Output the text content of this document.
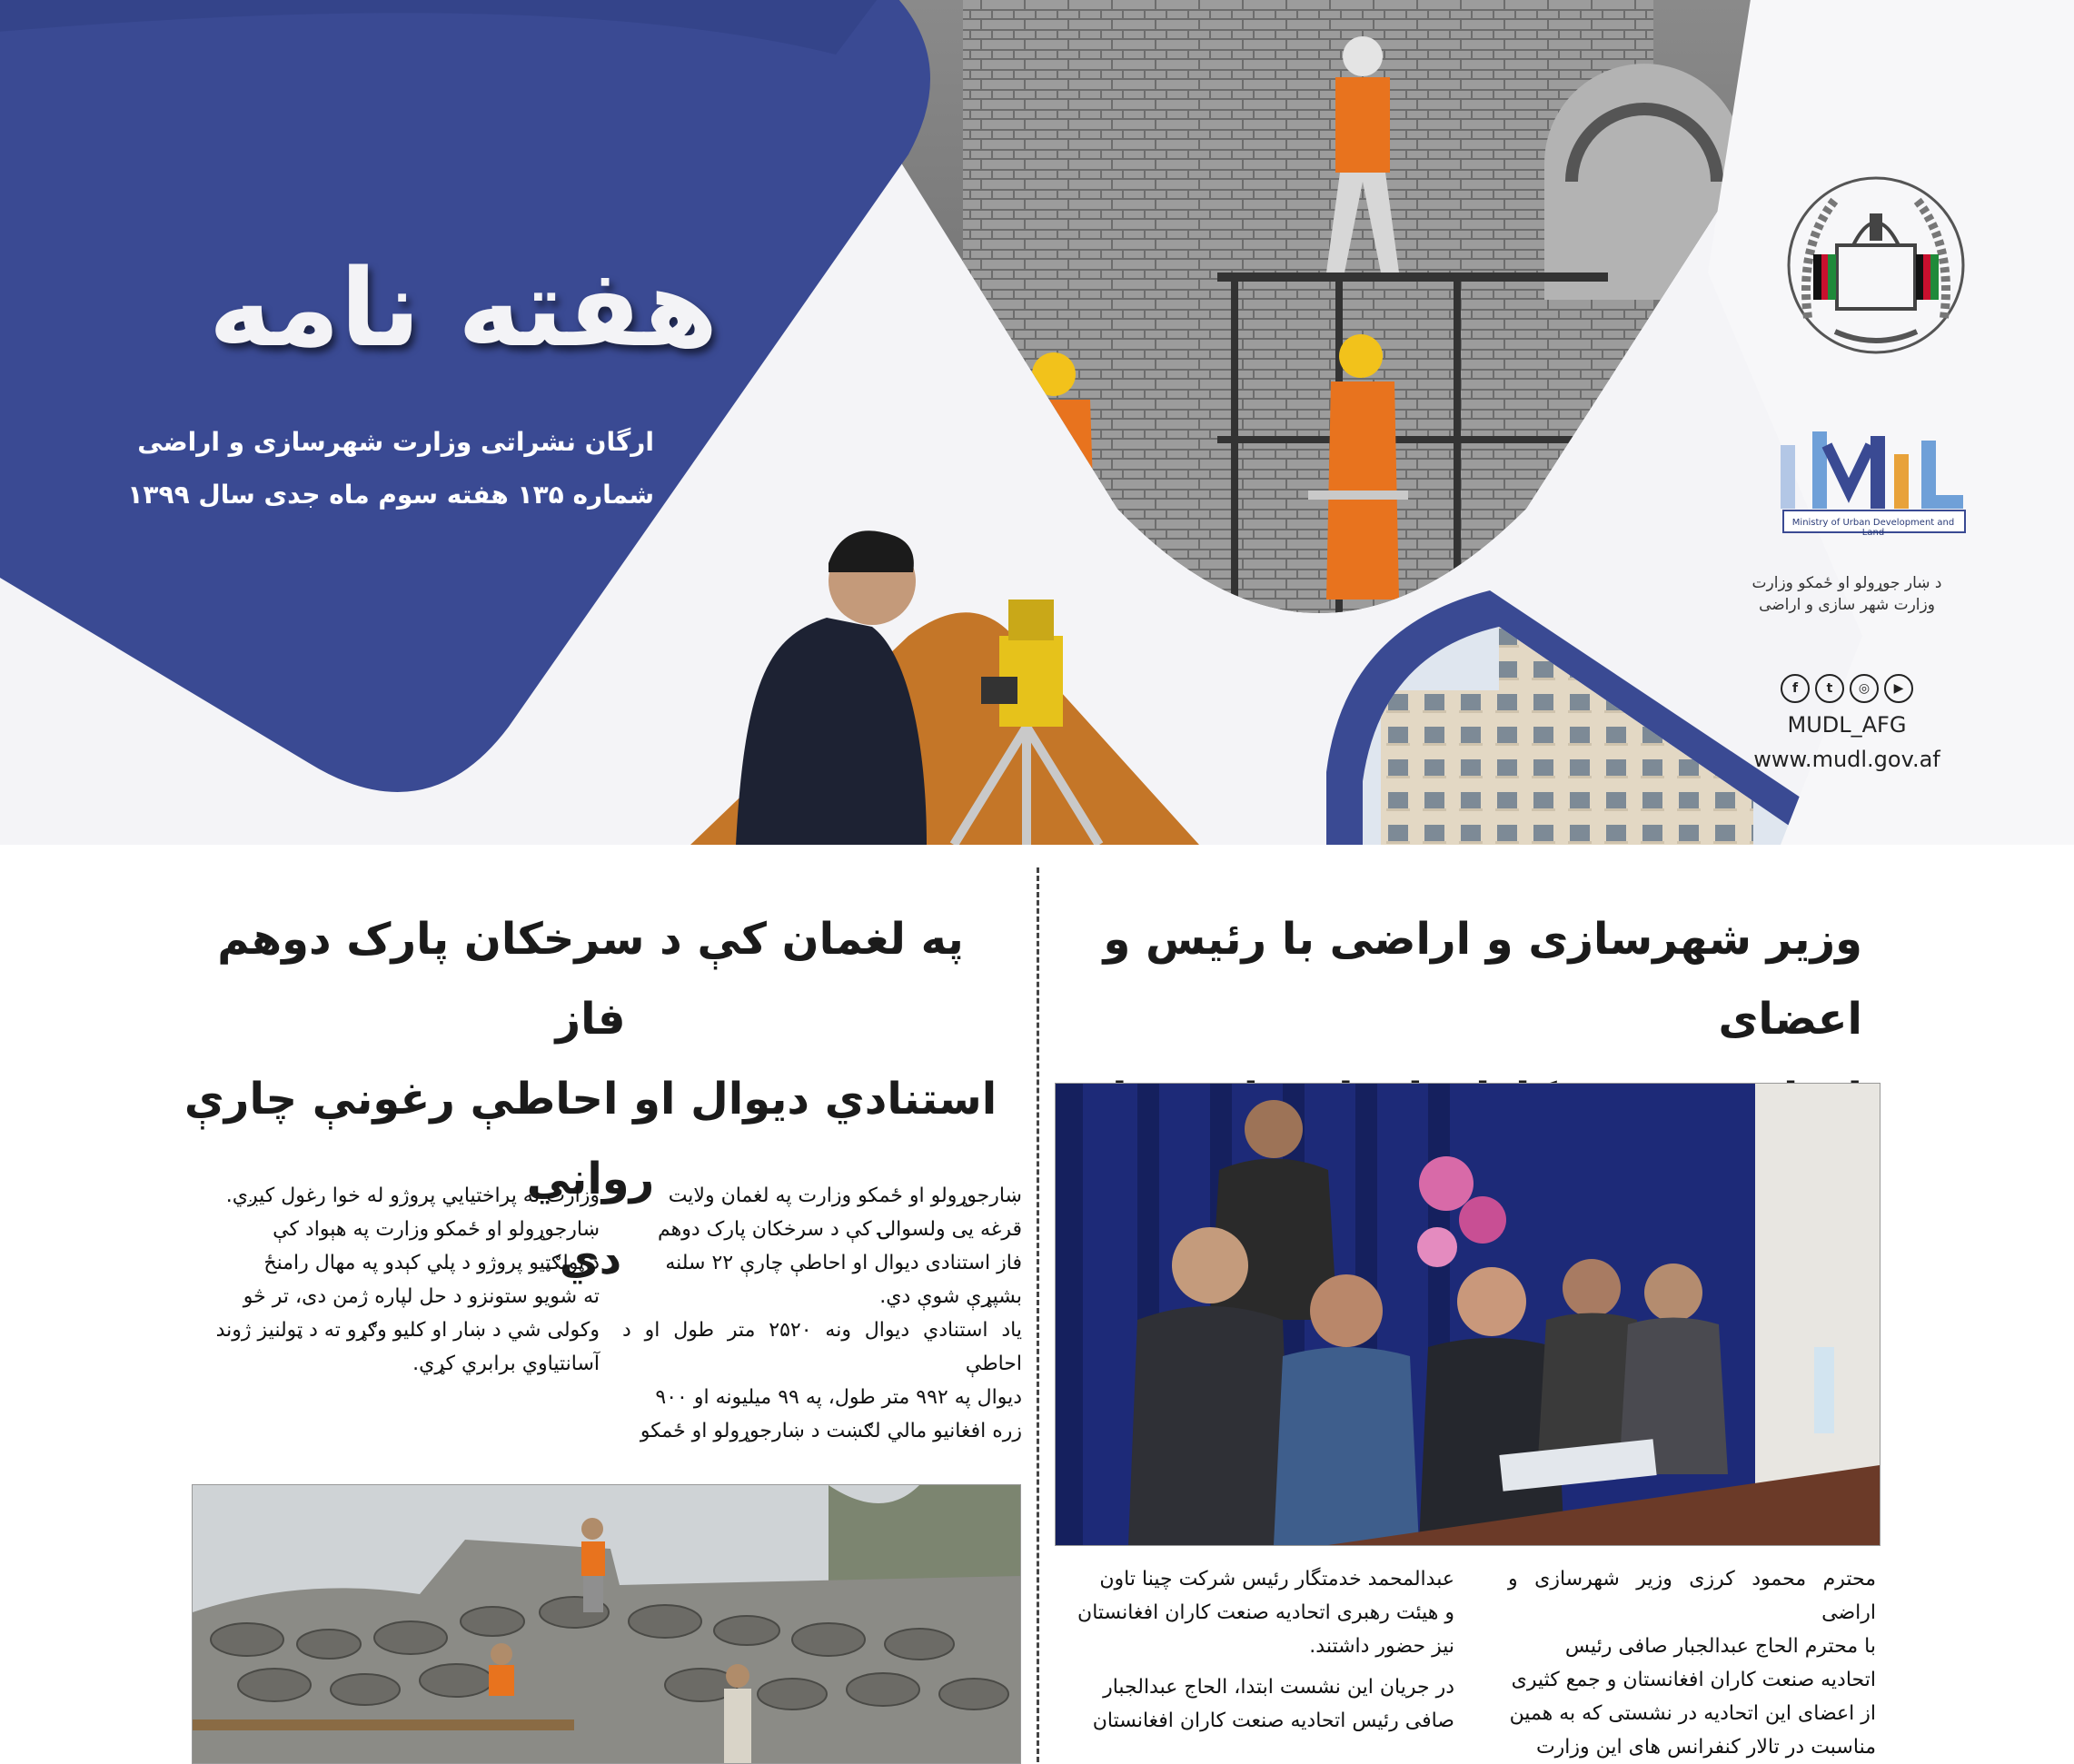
هفته نامه
ارگان نشراتی وزارت شهرسازی و اراضی
شماره ۱۳۵ هفته سوم ماه جدی سال ۱۳۹۹
Ministry of Urban Development and Land
د ښار جوړولو او ځمکو وزارت
وزارت شهر سازی و اراضی
f	t	◎	▶
MUDL_AFG
www.mudl.gov.af
وزیر شهرسازی و اراضی با رئیس و اعضای

محترم محمود کرزی وزیر شهرسازی و اراضی

با محترم الحاج عبدالجبار صافی رئیس

اتحادیه صنعت کاران افغانستان و جمع کثیری

از اعضای این اتحادیه در نشستی که به همین

مناسبت در تالار کنفرانس های این وزارت

عبدالمحمد خدمتگار رئیس شرکت چینا تاون

و هیئت رهبری اتحادیه صنعت کاران افغانستان

نیز حضور داشتند.

در جریان این نشست ابتدا، الحاج عبدالجبار

صافی رئیس اتحادیه صنعت کاران افغانستان

په لغمان کې د سرخکان پارک دوهم فاز
استنادي دیوال او احاطې رغونې چارې رواني
دي

ښارجوړولو او ځمکو وزارت په لغمان ولایت

قرغه یی ولسوالۍ کې د سرخکان پارک دوهم

فاز استنادی دیوال او احاطې چارې ۲۲ سلنه

بشپړې شوې دي.

یاد استنادي دیوال ونه ۲۵۲۰ متر طول او د احاطې

دیوال په ۹۹۲ متر طول، په ۹۹ میلیونه او ۹۰۰

زره افغانیو مالي لګښت د ښارجوړولو او ځمکو

وزارت له پراختیایي پروژو له خوا رغول کیږي.

ښارجوړولو او ځمکو وزارت په هېواد کې

د ټولګټیو پروژو د پلي کېدو په مهال رامنځ

ته شويو ستونزو د حل لپاره ژمن دی، تر څو

وکولی شي د ښار او کلیو وګړو ته د ټولنیز ژوند

آسانتیاوي برابري کړي.
